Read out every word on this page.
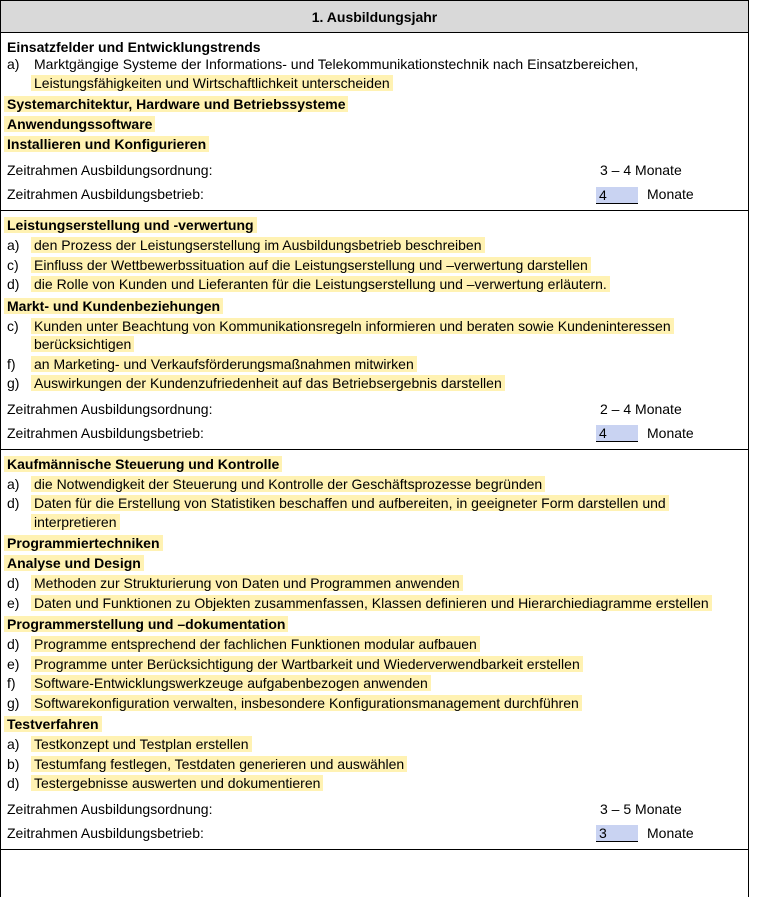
1. Ausbildungsjahr
Einsatzfelder und Entwicklungstrends
a)	Marktgängige Systeme der Informations- und Telekommunikationstechnik nach Einsatzbereichen,
Leistungsfähigkeiten und Wirtschaftlichkeit unterscheiden
Systemarchitektur, Hardware und Betriebssysteme
Anwendungssoftware
Installieren und Konfigurieren
Zeitrahmen Ausbildungsordnung:	3 – 4 Monate
Zeitrahmen Ausbildungsbetrieb:	4	Monate
Leistungserstellung und -verwertung
a)	den Prozess der Leistungserstellung im Ausbildungsbetrieb beschreiben
c)	Einfluss der Wettbewerbssituation auf die Leistungserstellung und –verwertung darstellen
d)	die Rolle von Kunden und Lieferanten für die Leistungserstellung und –verwertung erläutern.
Markt- und Kundenbeziehungen
c)	Kunden unter Beachtung von Kommunikationsregeln informieren und beraten sowie Kundeninteressen berücksichtigen
f)	an Marketing- und Verkaufsförderungsmaßnahmen mitwirken
g)	Auswirkungen der Kundenzufriedenheit auf das Betriebsergebnis darstellen
Zeitrahmen Ausbildungsordnung:	2 – 4 Monate
Zeitrahmen Ausbildungsbetrieb:	4	Monate
Kaufmännische Steuerung und Kontrolle
a)	die Notwendigkeit der Steuerung und Kontrolle der Geschäftsprozesse begründen
d)	Daten für die Erstellung von Statistiken beschaffen und aufbereiten, in geeigneter Form darstellen und interpretieren
Programmiertechniken
Analyse und Design
d)	Methoden zur Strukturierung von Daten und Programmen anwenden
e)	Daten und Funktionen zu Objekten zusammenfassen, Klassen definieren und Hierarchiediagramme erstellen
Programmerstellung und –dokumentation
d)	Programme entsprechend der fachlichen Funktionen modular aufbauen
e)	Programme unter Berücksichtigung der Wartbarkeit und Wiederverwendbarkeit erstellen
f)	Software-Entwicklungswerkzeuge aufgabenbezogen anwenden
g)	Softwarekonfiguration verwalten, insbesondere Konfigurationsmanagement durchführen
Testverfahren
a)	Testkonzept und Testplan erstellen
b)	Testumfang festlegen, Testdaten generieren und auswählen
d)	Testergebnisse auswerten und dokumentieren
Zeitrahmen Ausbildungsordnung:	3 – 5 Monate
Zeitrahmen Ausbildungsbetrieb:	3	Monate
